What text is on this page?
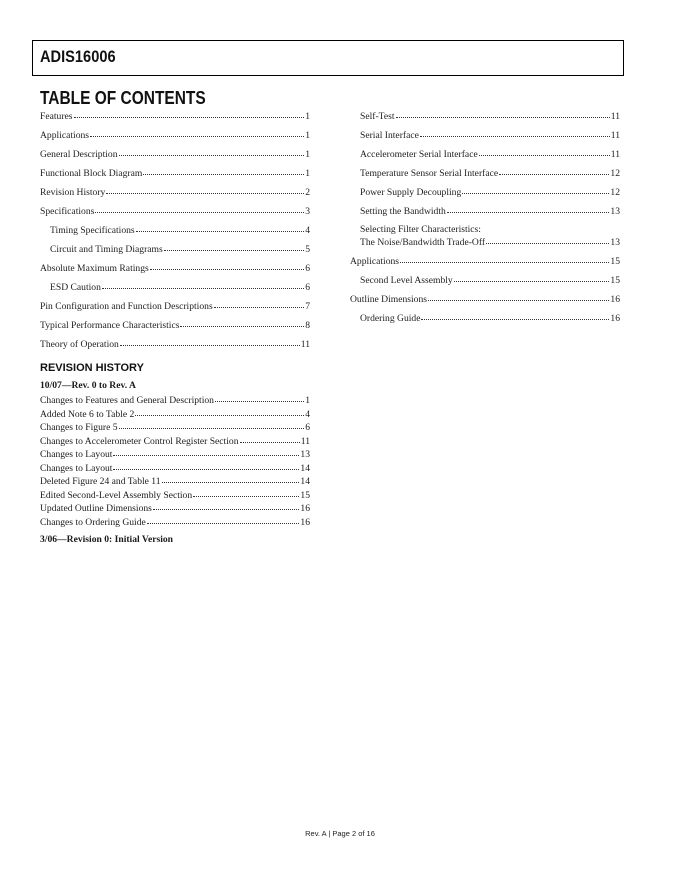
ADIS16006
TABLE OF CONTENTS
Features	1
Applications	1
General Description	1
Functional Block Diagram	1
Revision History	2
Specifications	3
Timing Specifications	4
Circuit and Timing Diagrams	5
Absolute Maximum Ratings	6
ESD Caution	6
Pin Configuration and Function Descriptions	7
Typical Performance Characteristics	8
Theory of Operation	11
Self-Test	11
Serial Interface	11
Accelerometer Serial Interface	11
Temperature Sensor Serial Interface	12
Power Supply Decoupling	12
Setting the Bandwidth	13
Selecting Filter Characteristics:
The Noise/Bandwidth Trade-Off	13
Applications	15
Second Level Assembly	15
Outline Dimensions	16
Ordering Guide	16
REVISION HISTORY
10/07—Rev. 0 to Rev. A
Changes to Features and General Description	1
Added Note 6 to Table 2	4
Changes to Figure 5	6
Changes to Accelerometer Control Register Section	11
Changes to Layout	13
Changes to Layout	14
Deleted Figure 24 and Table 11	14
Edited Second-Level Assembly Section	15
Updated Outline Dimensions	16
Changes to Ordering Guide	16
3/06—Revision 0: Initial Version
Rev. A | Page 2 of 16
